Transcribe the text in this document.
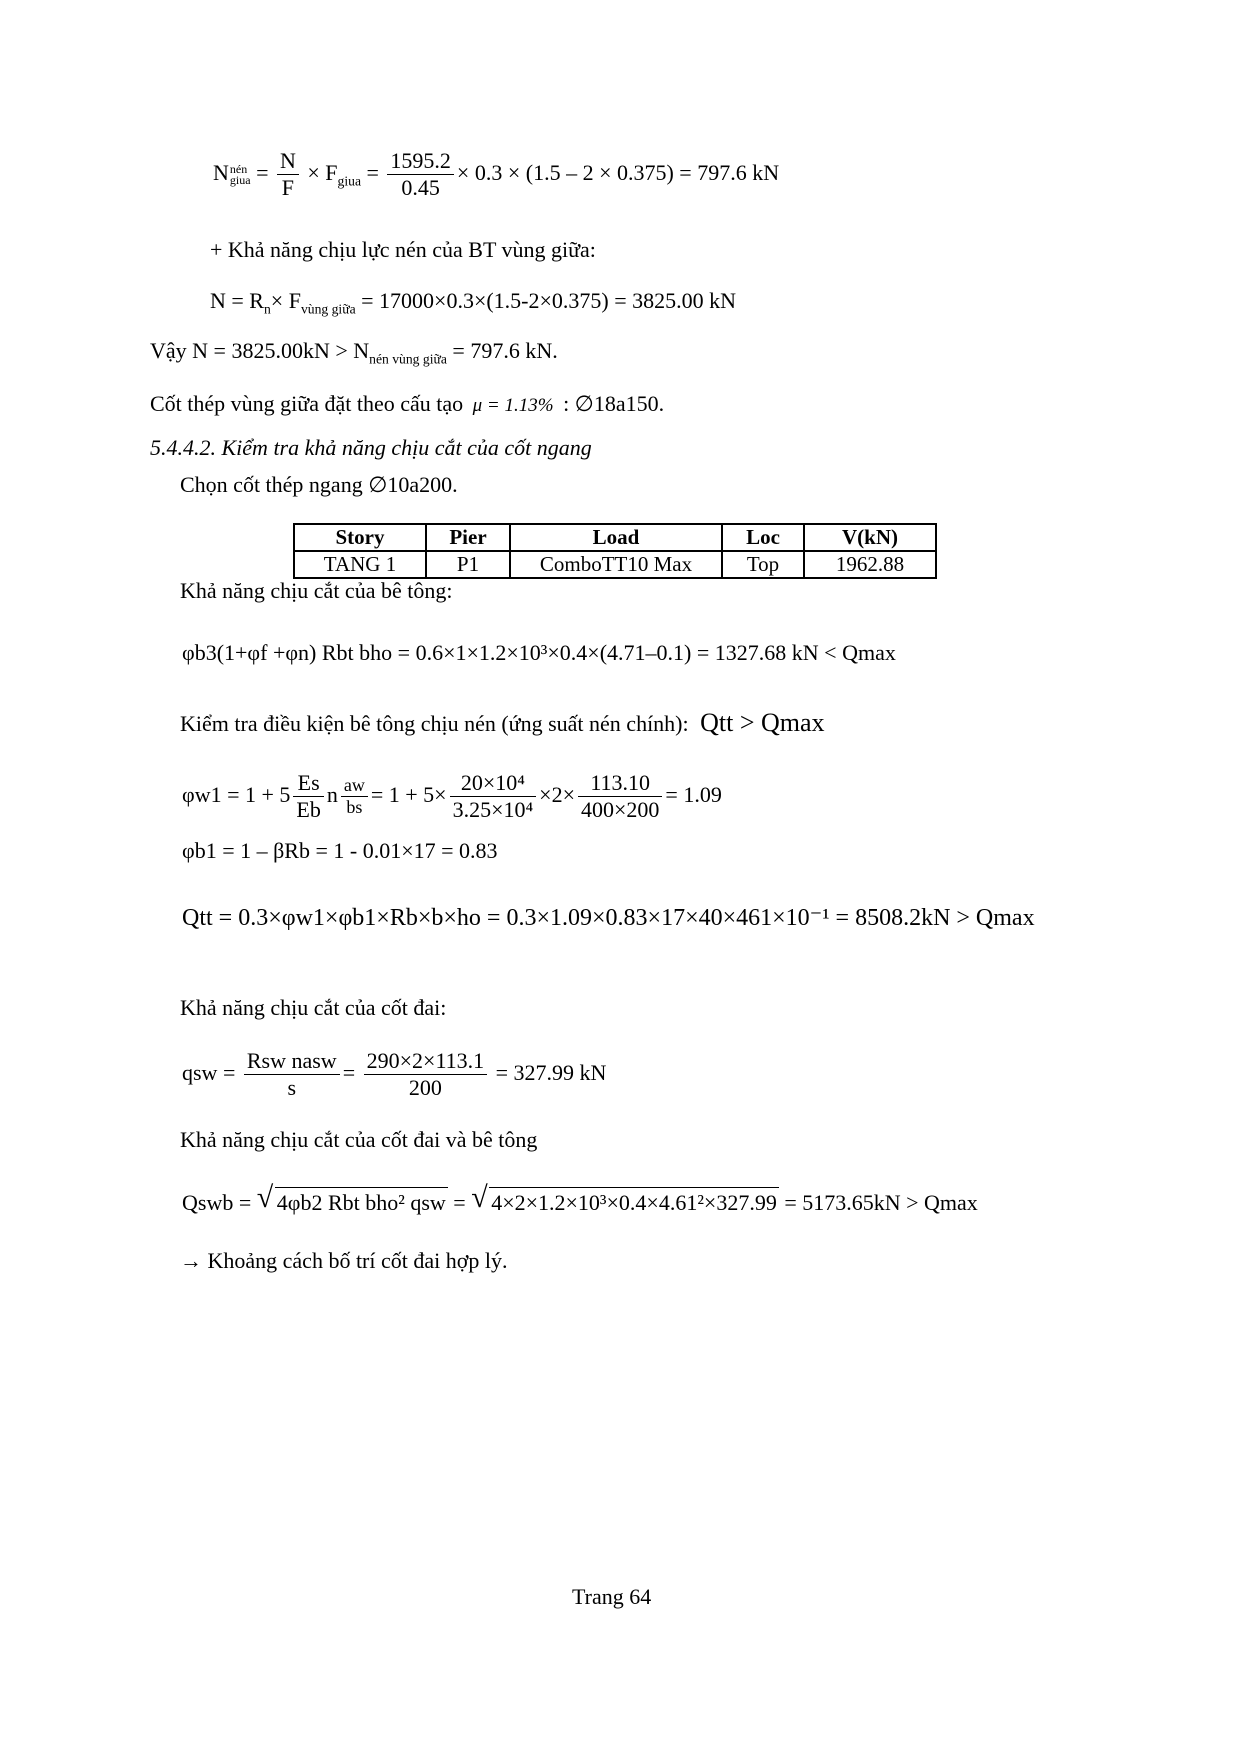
N nén
giua = $\frac{N}{F} \times F_{giua} = \frac{1595.2}{0.45} \times 0.3 \times (1.5 - 2 \times 0.375) = 797.6$ kN
+ Khả năng chịu lực nén của BT vùng giữa:
$N = R_n\times F_{vùng giữa} = 17000\times 0.3\times(1.5-2\times 0.375) = 3825.00$ kN
Vậy $N = 3825.00kN > N_{nén vùng giữa} = 797.6$ kN.
Cốt thép vùng giữa đặt theo cấu tạo μ = 1.13% : ∅18a150.
5.4.4.2. Kiểm tra khả năng chịu cắt của cốt ngang
Chọn cốt thép ngang ∅10a200.
Story	Pier	Load	Loc	V(kN)
TANG 1	P1	ComboTT10 Max	Top	1962.88
Khả năng chịu cắt của bê tông:
φb3(1+φf +φn) Rbt bho = 0.6×1×1.2×10³×0.4×(4.71–0.1) = 1327.68 kN < Qmax
Kiểm tra điều kiện bê tông chịu nén (ứng suất nén chính): Qtt > Qmax
$\varphi w1 = 1 + 5 \frac{Es}{Eb}$ n $\frac{aw}{bs} = 1 + 5\times \frac{\text{20×10⁴}}{\text{3.25×10⁴}} \times 2\times \frac{113.10}{400\times 200} = 1.09$
φb1 = 1 – βRb = 1 - 0.01×17 = 0.83
Qtt = 0.3×φw1×φb1×Rb×b×ho = 0.3×1.09×0.83×17×40×461×10⁻¹ = 8508.2kN > Qmax
Khả năng chịu cắt của cốt đai:
qsw = $\frac{\text{Rsw nasw}}{s} = \frac{290\times 2\times 113.1}{200} = 327.99$ kN
Khả năng chịu cắt của cốt đai và bê tông
Qswb = √ 4φb2 Rbt bho² qsw = √ 4×2×1.2×10³×0.4×4.61²×327.99 = 5173.65kN > Qmax
→ Khoảng cách bố trí cốt đai hợp lý.
Trang 64
